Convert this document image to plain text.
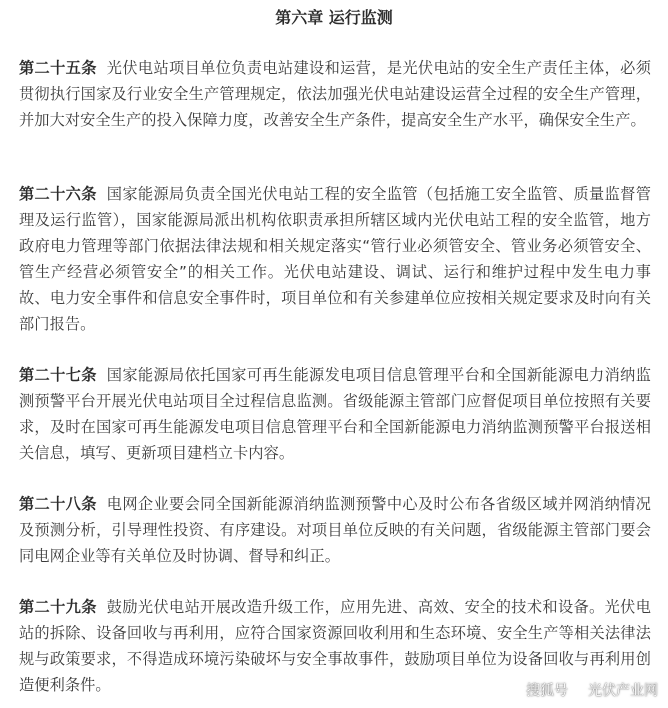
第六章 运行监测

第二十五条 光伏电站项目单位负责电站建设和运营，是光伏电站的安全生产责任主体，必须贯彻执行国家及行业安全生产管理规定，依法加强光伏电站建设运营全过程的安全生产管理，并加大对安全生产的投入保障力度，改善安全生产条件，提高安全生产水平，确保安全生产。

第二十六条 国家能源局负责全国光伏电站工程的安全监管（包括施工安全监管、质量监督管理及运行监管），国家能源局派出机构依职责承担所辖区域内光伏电站工程的安全监管，地方政府电力管理等部门依据法律法规和相关规定落实“管行业必须管安全、管业务必须管安全、管生产经营必须管安全”的相关工作。光伏电站建设、调试、运行和维护过程中发生电力事故、电力安全事件和信息安全事件时，项目单位和有关参建单位应按相关规定要求及时向有关部门报告。

第二十七条 国家能源局依托国家可再生能源发电项目信息管理平台和全国新能源电力消纳监测预警平台开展光伏电站项目全过程信息监测。省级能源主管部门应督促项目单位按照有关要求，及时在国家可再生能源发电项目信息管理平台和全国新能源电力消纳监测预警平台报送相关信息，填写、更新项目建档立卡内容。

第二十八条 电网企业要会同全国新能源消纳监测预警中心及时公布各省级区域并网消纳情况及预测分析，引导理性投资、有序建设。对项目单位反映的有关问题，省级能源主管部门要会同电网企业等有关单位及时协调、督导和纠正。

第二十九条 鼓励光伏电站开展改造升级工作，应用先进、高效、安全的技术和设备。光伏电站的拆除、设备回收与再利用，应符合国家资源回收利用和生态环境、安全生产等相关法律法规与政策要求，不得造成环境污染破坏与安全事故事件，鼓励项目单位为设备回收与再利用创造便利条件。	搜狐号 光伏产业网
